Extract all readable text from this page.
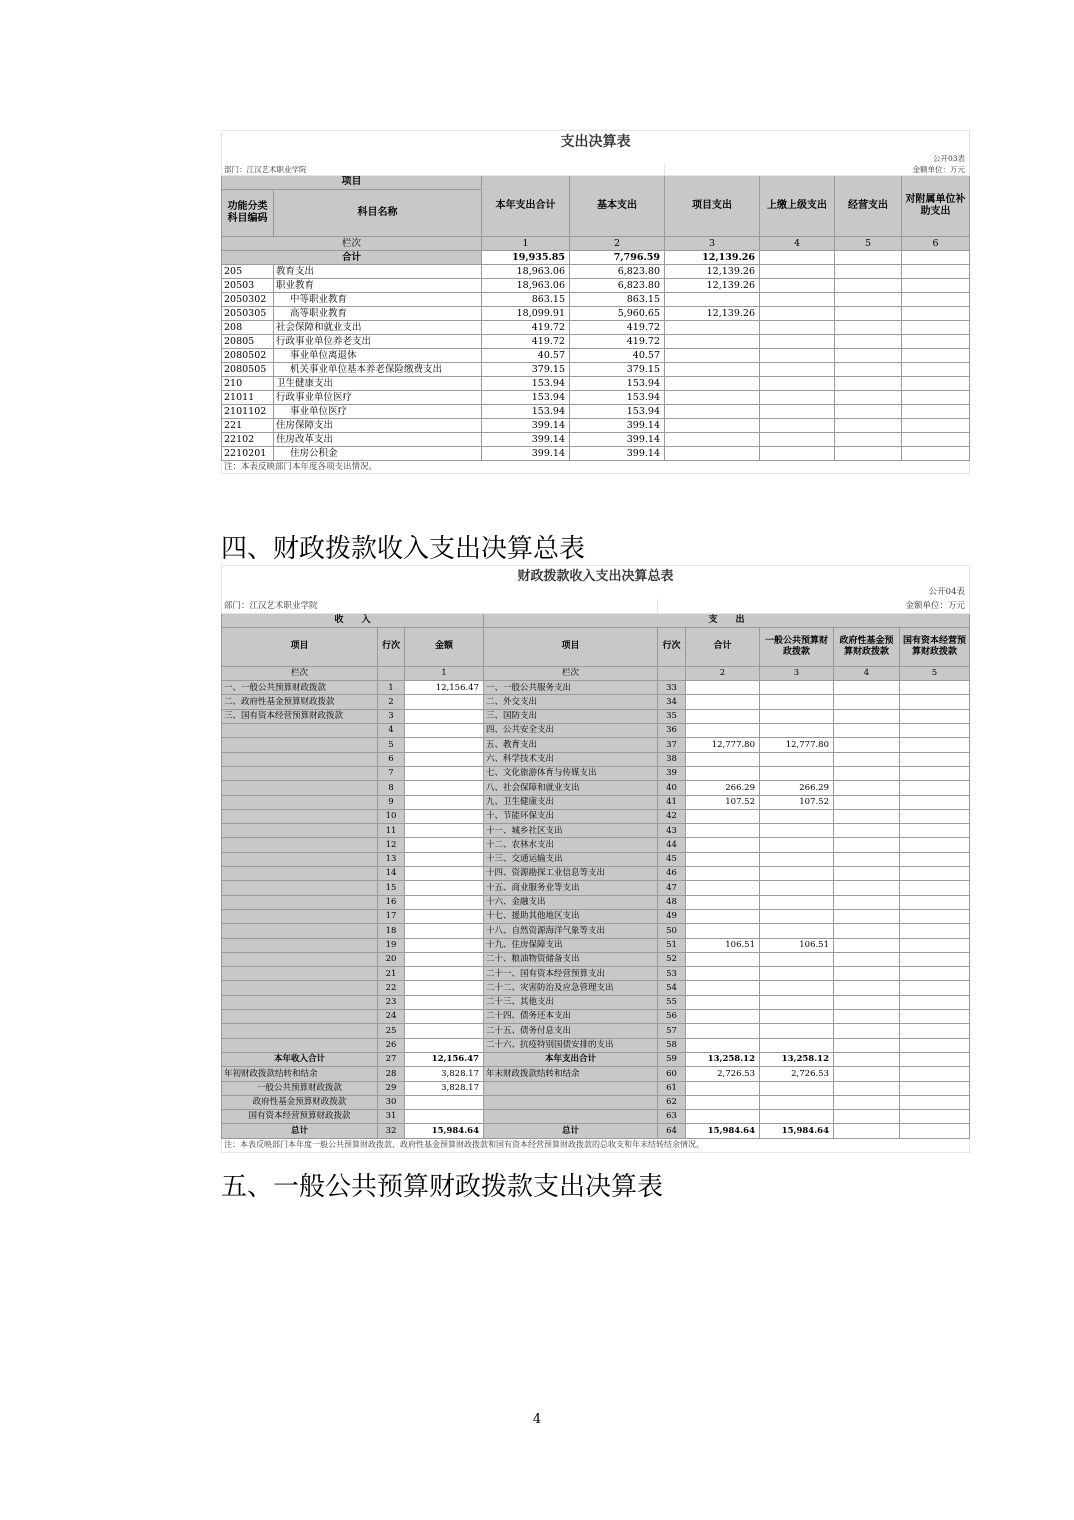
支出决算表							
公开03表							
部门：江汉艺术职业学院				金额单位：万元			
项目		本年支出合计	基本支出	项目支出	上缴上级支出	经营支出	对附属单位补助支出
功能分类科目编码	科目名称						
栏次		1	2	3	4	5	6
合计		19,935.85	7,796.59	12,139.26			
205	教育支出	18,963.06	6,823.80	12,139.26			
20503	职业教育	18,963.06	6,823.80	12,139.26			
2050302	中等职业教育	863.15	863.15				
2050305	高等职业教育	18,099.91	5,960.65	12,139.26			
208	社会保障和就业支出	419.72	419.72				
20805	行政事业单位养老支出	419.72	419.72				
2080502	事业单位离退休	40.57	40.57				
2080505	机关事业单位基本养老保险缴费支出	379.15	379.15				
210	卫生健康支出	153.94	153.94				
21011	行政事业单位医疗	153.94	153.94				
2101102	事业单位医疗	153.94	153.94				
221	住房保障支出	399.14	399.14				
22102	住房改革支出	399.14	399.14				
2210201	住房公积金	399.14	399.14				
注：本表反映部门本年度各项支出情况。							
四、财政拨款收入支出决算总表
财政拨款收入支出决算总表								
公开04表								
部门：江汉艺术职业学院				金额单位：万元				
收　　入			支　　出					
项目	行次	金额	项目	行次	合计	一般公共预算财政拨款	政府性基金预算财政拨款	国有资本经营预算财政拨款
栏次		1	栏次		2	3	4	5
一、一般公共预算财政拨款	1	12,156.47	一、一般公共服务支出	33				
二、政府性基金预算财政拨款	2		二、外交支出	34				
三、国有资本经营预算财政拨款	3		三、国防支出	35				
	4		四、公共安全支出	36				
	5		五、教育支出	37	12,777.80	12,777.80		
	6		六、科学技术支出	38				
	7		七、文化旅游体育与传媒支出	39				
	8		八、社会保障和就业支出	40	266.29	266.29		
	9		九、卫生健康支出	41	107.52	107.52		
	10		十、节能环保支出	42				
	11		十一、城乡社区支出	43				
	12		十二、农林水支出	44				
	13		十三、交通运输支出	45				
	14		十四、资源勘探工业信息等支出	46				
	15		十五、商业服务业等支出	47				
	16		十六、金融支出	48				
	17		十七、援助其他地区支出	49				
	18		十八、自然资源海洋气象等支出	50				
	19		十九、住房保障支出	51	106.51	106.51		
	20		二十、粮油物资储备支出	52				
	21		二十一、国有资本经营预算支出	53				
	22		二十二、灾害防治及应急管理支出	54				
	23		二十三、其他支出	55				
	24		二十四、债务还本支出	56				
	25		二十五、债务付息支出	57				
	26		二十六、抗疫特别国债安排的支出	58				
本年收入合计	27	12,156.47	本年支出合计	59	13,258.12	13,258.12		
年初财政拨款结转和结余	28	3,828.17	年末财政拨款结转和结余	60	2,726.53	2,726.53		
一般公共预算财政拨款	29	3,828.17		61				
政府性基金预算财政拨款	30			62				
国有资本经营预算财政拨款	31			63				
总计	32	15,984.64	总计	64	15,984.64	15,984.64		
注：本表反映部门本年度一般公共预算财政拨款、政府性基金预算财政拨款和国有资本经营预算财政拨款的总收支和年末结转结余情况。								
五、一般公共预算财政拨款支出决算表
4
